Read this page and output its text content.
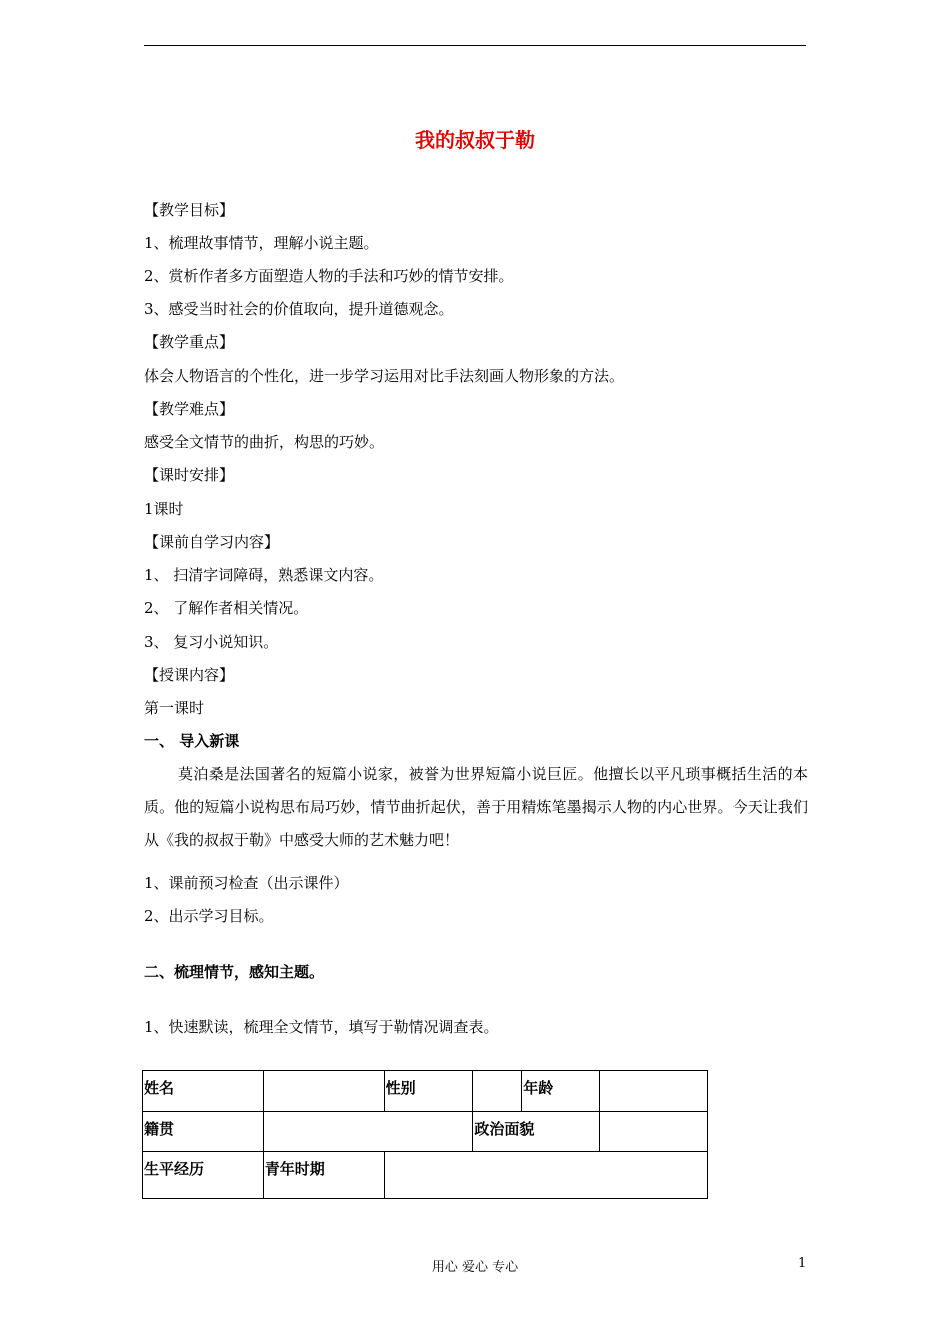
我的叔叔于勒
【教学目标】
1、梳理故事情节，理解小说主题。
2、赏析作者多方面塑造人物的手法和巧妙的情节安排。
3、感受当时社会的价值取向，提升道德观念。
【教学重点】
体会人物语言的个性化，进一步学习运用对比手法刻画人物形象的方法。
【教学难点】
感受全文情节的曲折，构思的巧妙。
【课时安排】
1课时
【课前自学习内容】
1、 扫清字词障碍，熟悉课文内容。
2、 了解作者相关情况。
3、 复习小说知识。
【授课内容】
第一课时
一、 导入新课
莫泊桑是法国著名的短篇小说家，被誉为世界短篇小说巨匠。他擅长以平凡琐事概括生活的本质。他的短篇小说构思布局巧妙，情节曲折起伏，善于用精炼笔墨揭示人物的内心世界。今天让我们从《我的叔叔于勒》中感受大师的艺术魅力吧！
1、课前预习检查（出示课件）
2、出示学习目标。
二、梳理情节，感知主题。
1、快速默读，梳理全文情节，填写于勒情况调查表。
姓名		性别		年龄	
籍贯			政治面貌		
生平经历	青年时期				
用心 爱心 专心	1
